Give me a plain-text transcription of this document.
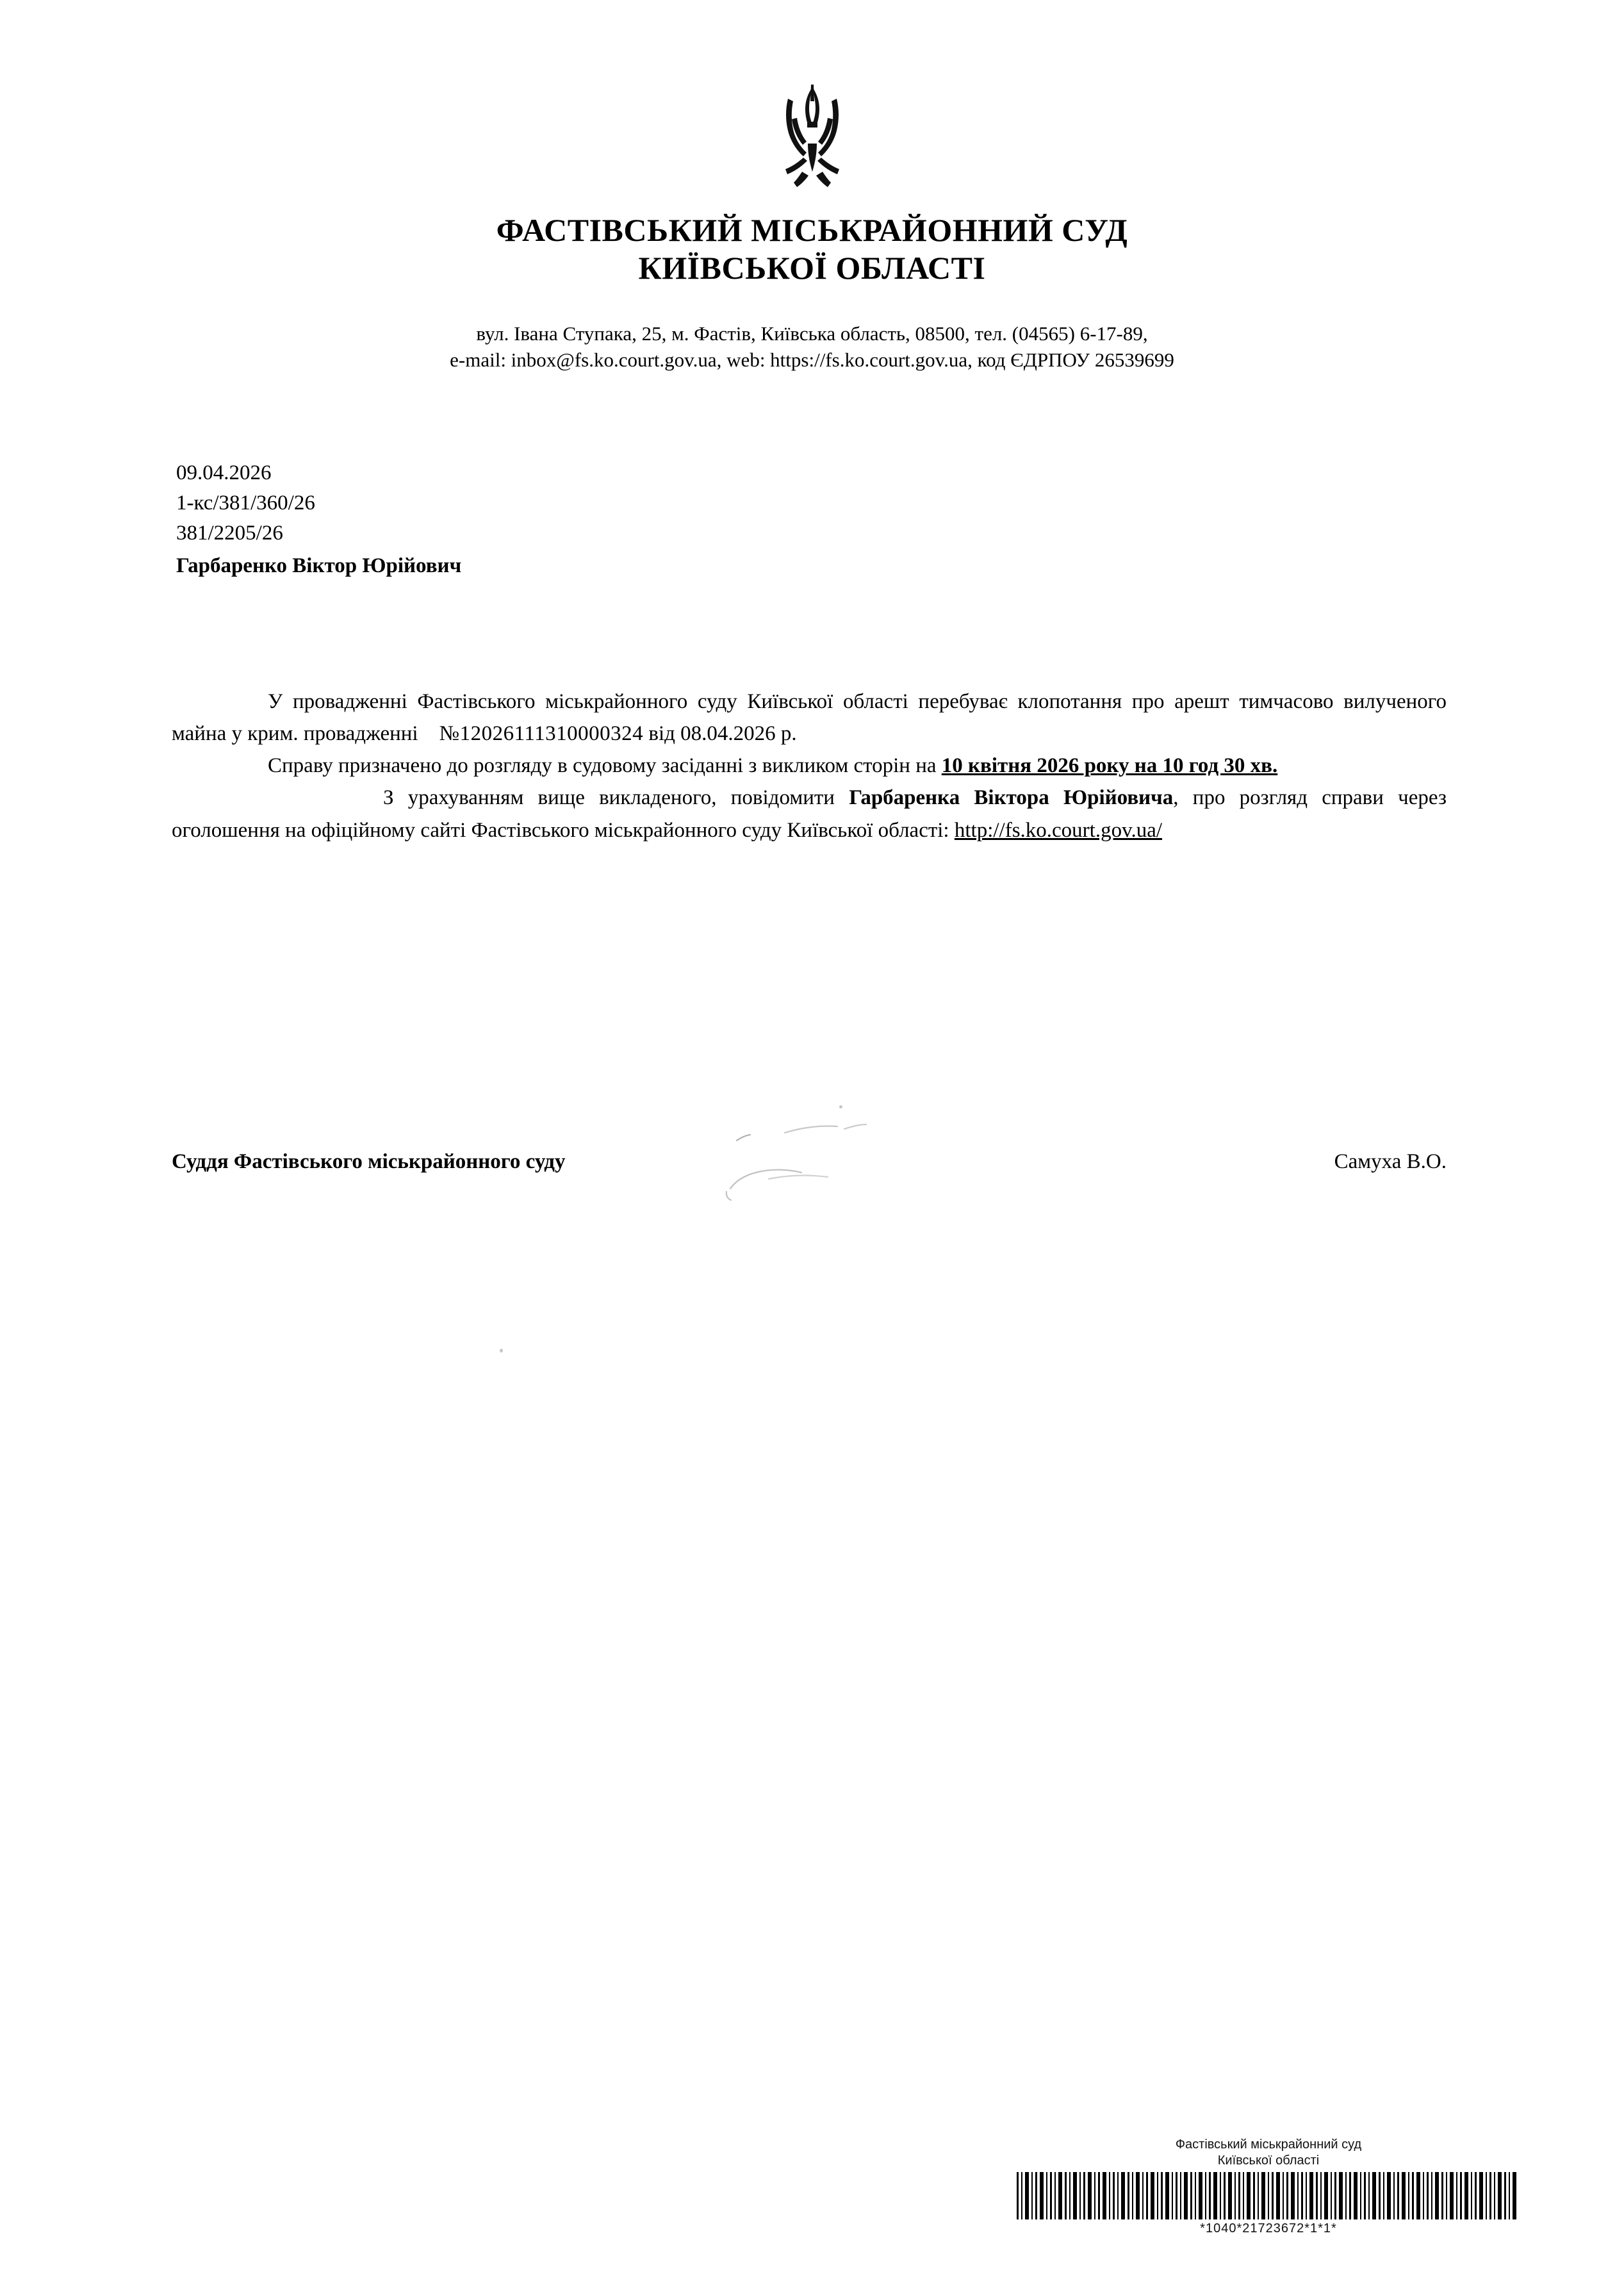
ФАСТІВСЬКИЙ МІСЬКРАЙОННИЙ СУД
КИЇВСЬКОЇ ОБЛАСТІ
вул. Івана Ступака, 25, м. Фастів, Київська область, 08500, тел. (04565) 6-17-89,
e-mail: inbox@fs.ko.court.gov.ua, web: https://fs.ko.court.gov.ua, код ЄДРПОУ 26539699
09.04.2026
1-кс/381/360/26
381/2205/26
Гарбаренко Віктор Юрійович

У провадженні Фастівського міськрайонного суду Київської області перебуває клопотання про арешт тимчасово вилученого майна у крим. провадженні №12026111310000324 від 08.04.2026 р.

Справу призначено до розгляду в судовому засіданні з викликом сторін на 10 квітня 2026 року на 10 год 30 хв.

З урахуванням вище викладеного, повідомити Гарбаренка Віктора Юрійовича, про розгляд справи через оголошення на офіційному сайті Фастівського міськрайонного суду Київської області: http://fs.ko.court.gov.ua/

Суддя Фастівського міськрайонного суду	Самуха В.О.
Фастівський міськрайонний суд
Київської області
*1040*21723672*1*1*
